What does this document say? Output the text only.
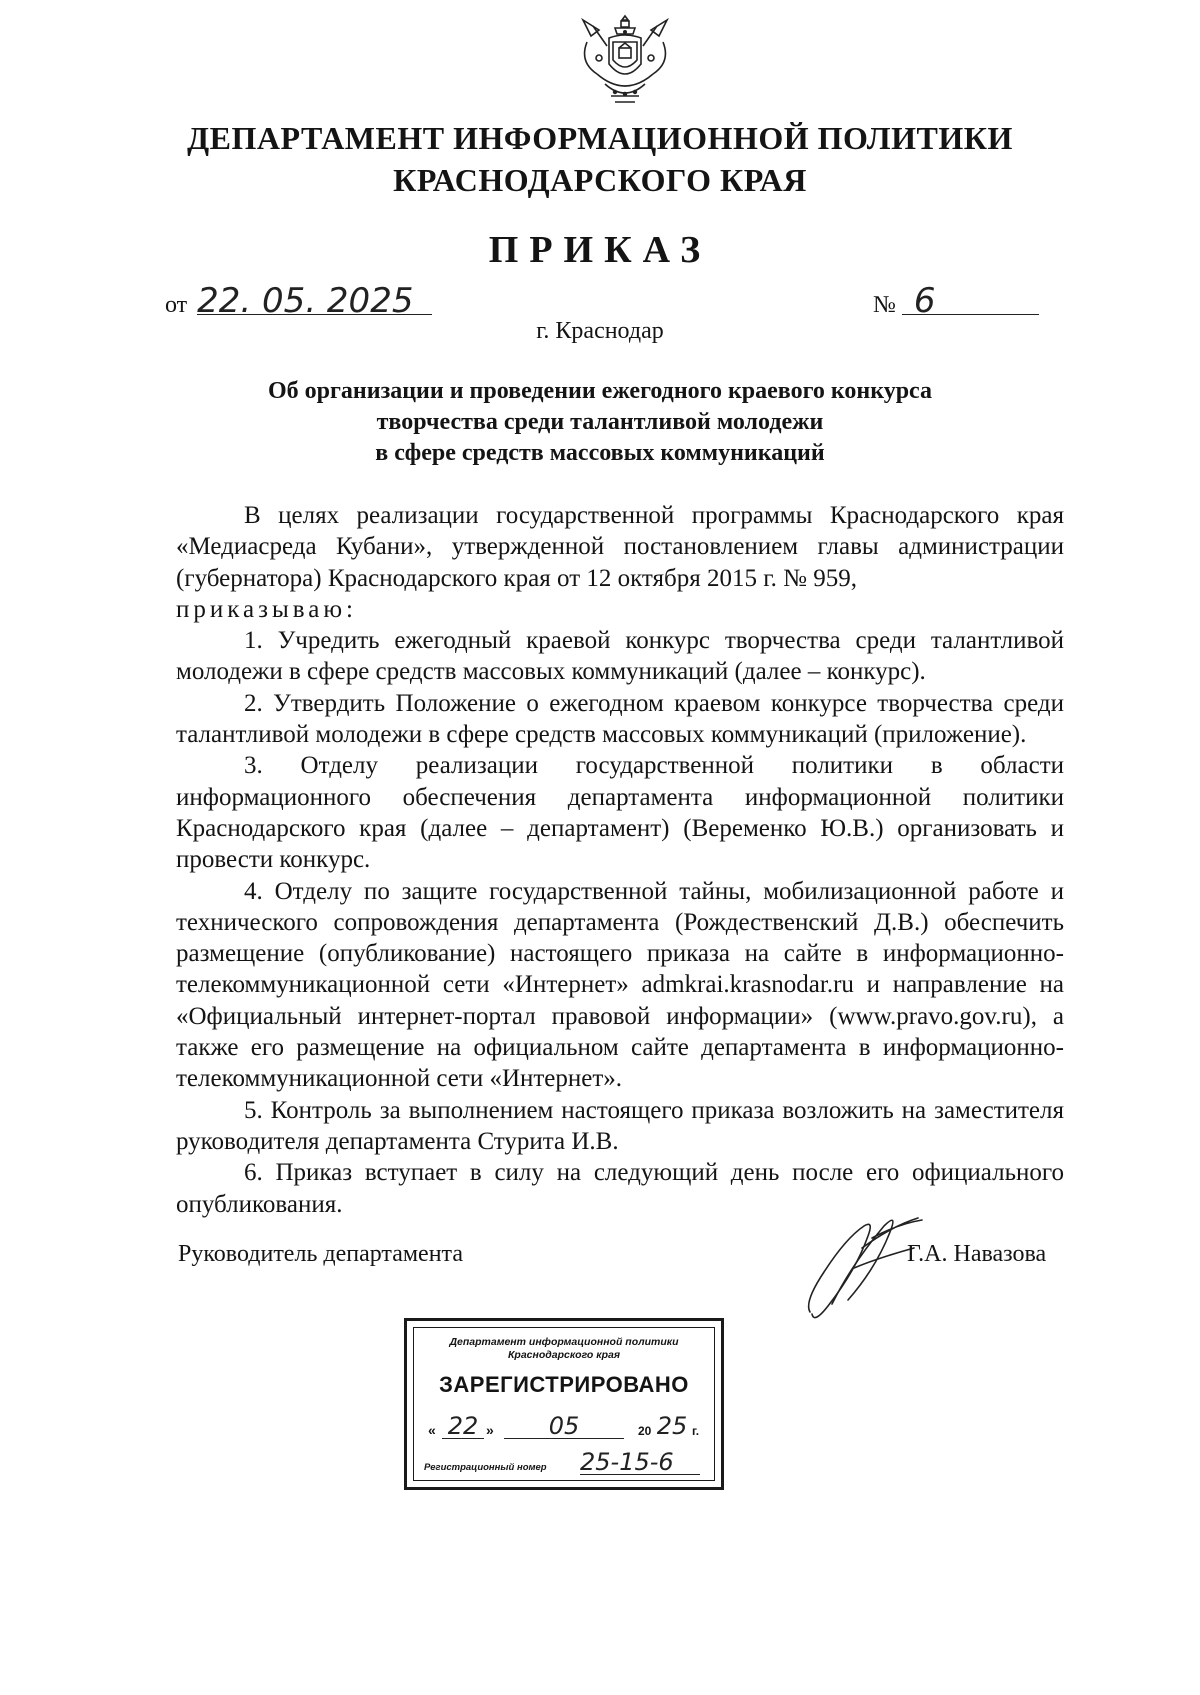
ДЕПАРТАМЕНТ ИНФОРМАЦИОННОЙ ПОЛИТИКИ
КРАСНОДАРСКОГО КРАЯ
ПРИКАЗ
от 22. 05. 2025	№ 6
г. Краснодар
Об организации и проведении ежегодного краевого конкурса
творчества среди талантливой молодежи
в сфере средств массовых коммуникаций

В целях реализации государственной программы Краснодарского края «Медиасреда Кубани», утвержденной постановлением главы администрации (губернатора) Краснодарского края от 12 октября 2015 г. № 959,

приказываю:

1. Учредить ежегодный краевой конкурс творчества среди талантливой молодежи в сфере средств массовых коммуникаций (далее – конкурс).

2. Утвердить Положение о ежегодном краевом конкурсе творчества среди талантливой молодежи в сфере средств массовых коммуникаций (приложение).

3. Отделу реализации государственной политики в области информационного обеспечения департамента информационной политики Краснодарского края (далее – департамент) (Веременко Ю.В.) организовать и провести конкурс.

4. Отделу по защите государственной тайны, мобилизационной работе и технического сопровождения департамента (Рождественский Д.В.) обеспечить размещение (опубликование) настоящего приказа на сайте в информационно-телекоммуникационной сети «Интернет» admkrai.krasnodar.ru и направление на «Официальный интернет-портал правовой информации» (www.pravo.gov.ru), а также его размещение на официальном сайте департамента в информационно-телекоммуникационной сети «Интернет».

5. Контроль за выполнением настоящего приказа возложить на заместителя руководителя департамента Стурита И.В.

6. Приказ вступает в силу на следующий день после его официального опубликования.

Руководитель департамента	Г.А. Навазова
Департамент информационной политики
Краснодарского края
ЗАРЕГИСТРИРОВАНО
« 22 »	05	20 25 г.
Регистрационный номер 25-15-6
